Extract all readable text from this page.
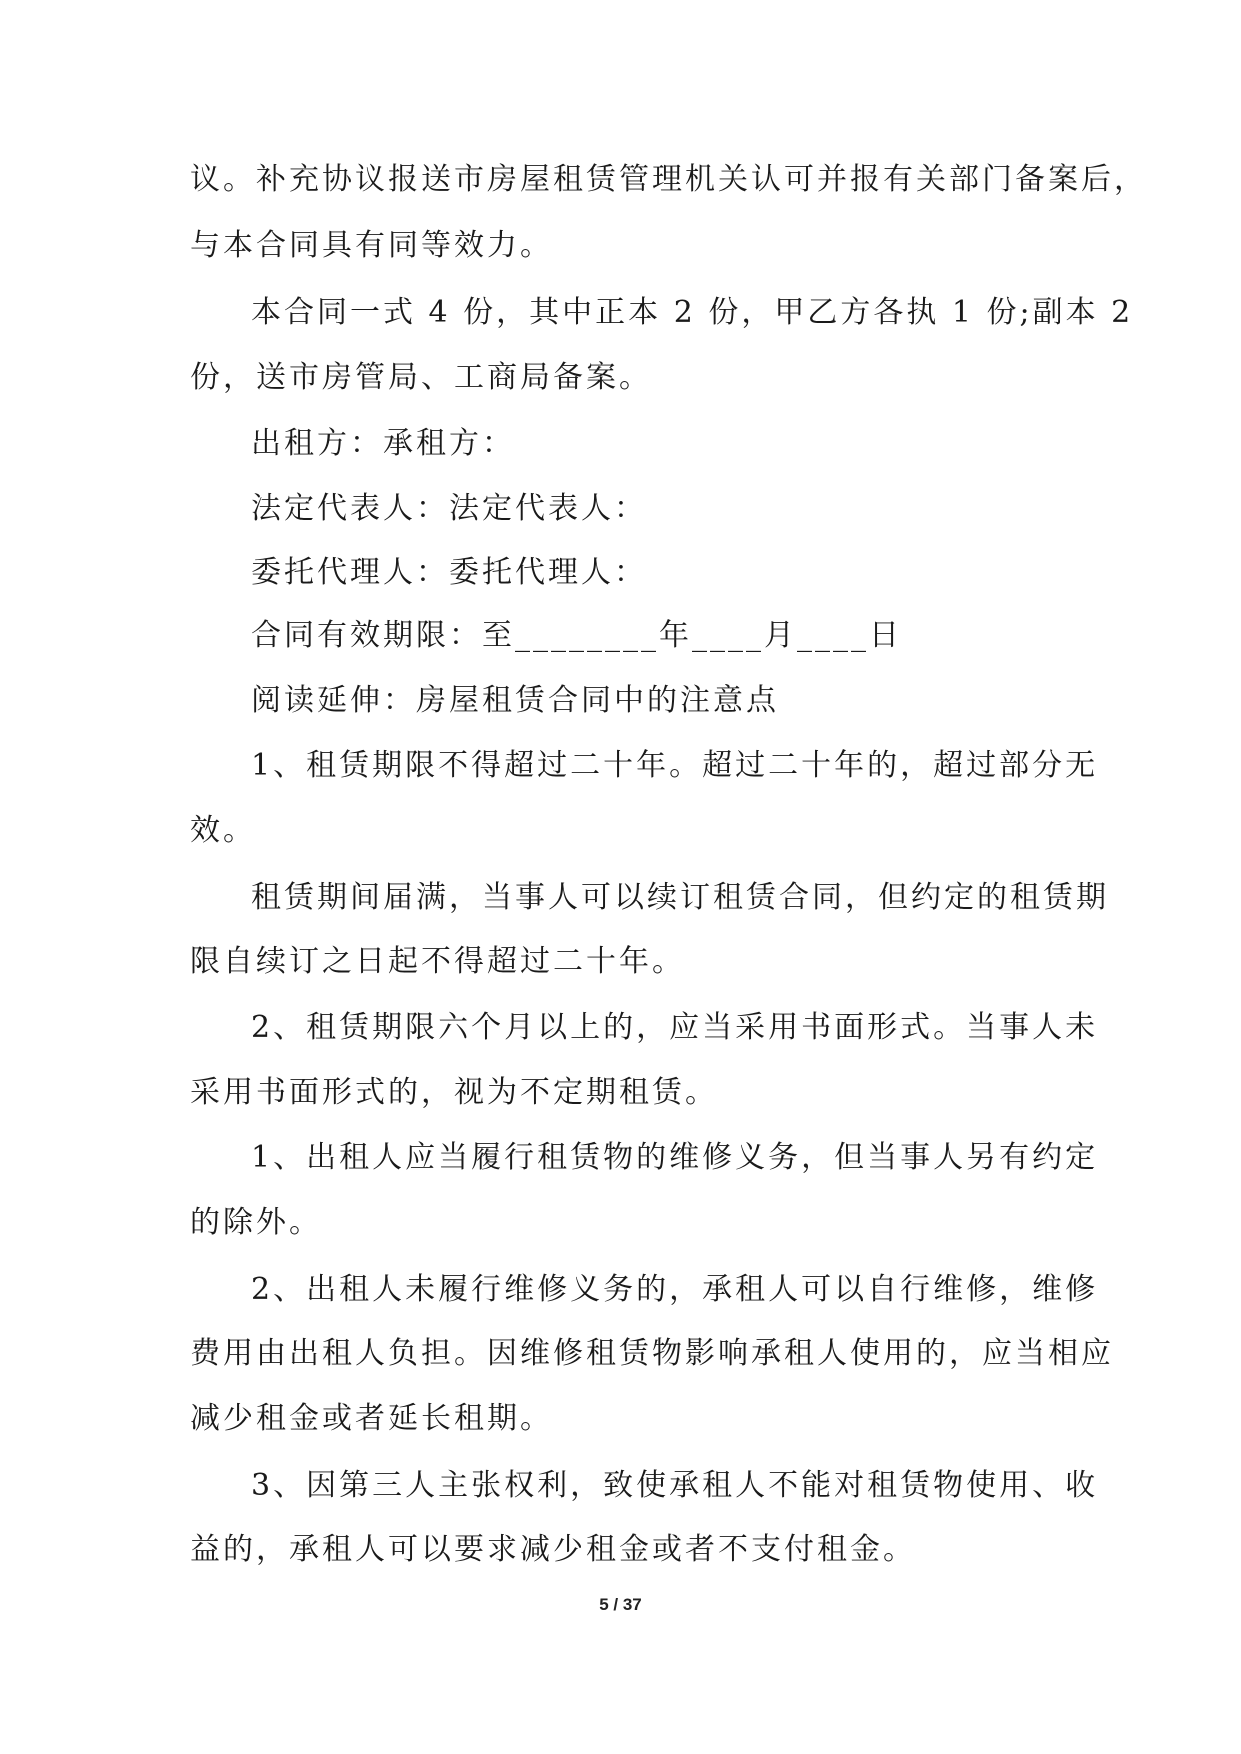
议。补充协议报送市房屋租赁管理机关认可并报有关部门备案后，
与本合同具有同等效力。
本合同一式 4 份，其中正本 2 份，甲乙方各执 1 份;副本 2
份，送市房管局、工商局备案。
出租方：承租方：
法定代表人：法定代表人：
委托代理人：委托代理人：
合同有效期限：至________年____月____日
阅读延伸：房屋租赁合同中的注意点
1、租赁期限不得超过二十年。超过二十年的，超过部分无
效。
租赁期间届满，当事人可以续订租赁合同，但约定的租赁期
限自续订之日起不得超过二十年。
2、租赁期限六个月以上的，应当采用书面形式。当事人未
采用书面形式的，视为不定期租赁。
1、出租人应当履行租赁物的维修义务，但当事人另有约定
的除外。
2、出租人未履行维修义务的，承租人可以自行维修，维修
费用由出租人负担。因维修租赁物影响承租人使用的，应当相应
减少租金或者延长租期。
3、因第三人主张权利，致使承租人不能对租赁物使用、收
益的，承租人可以要求减少租金或者不支付租金。
5 / 37
